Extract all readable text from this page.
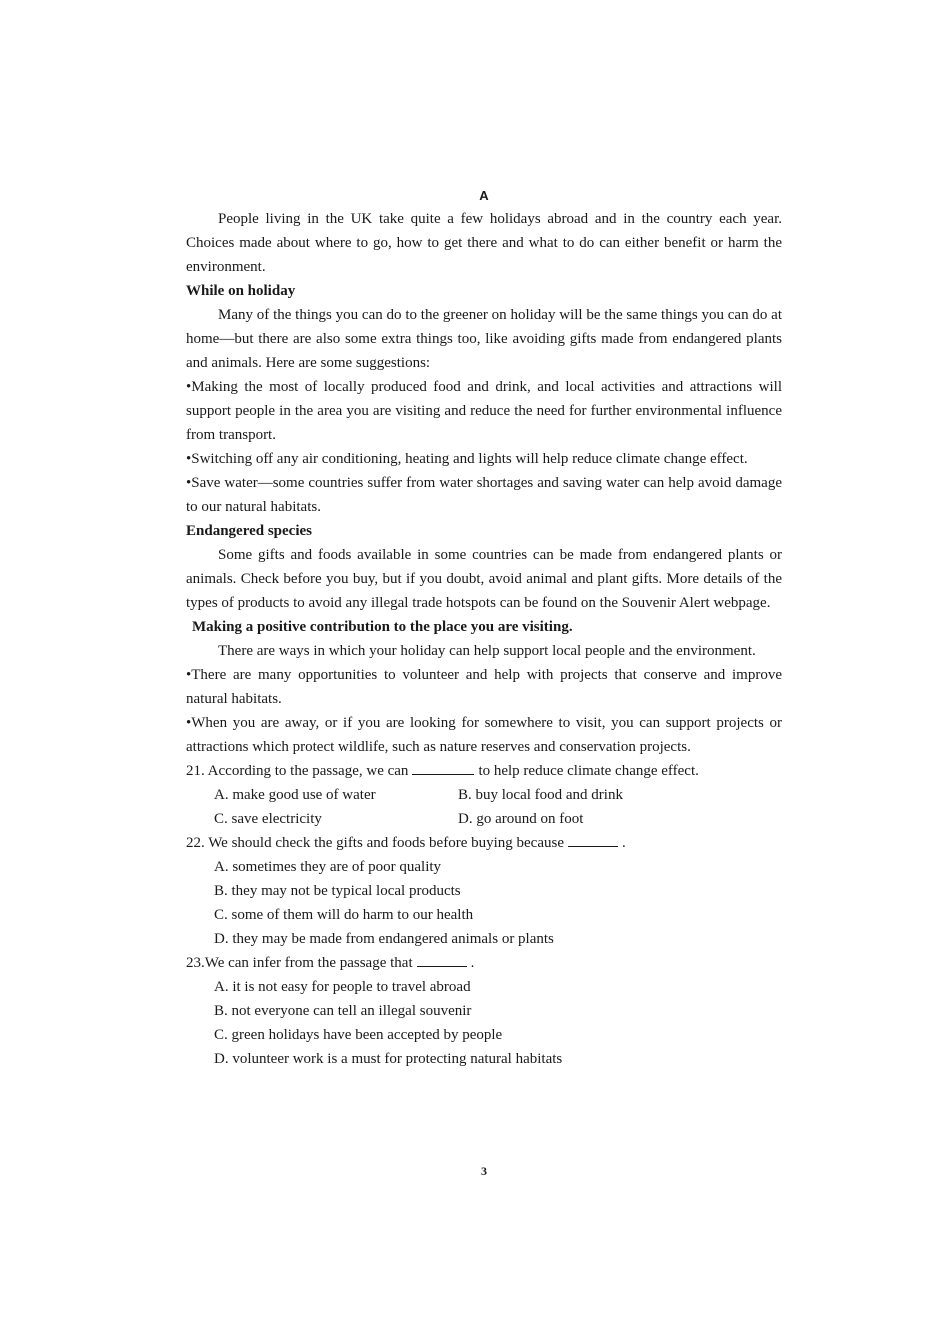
A

People living in the UK take quite a few holidays abroad and in the country each year. Choices made about where to go, how to get there and what to do can either benefit or harm the environment.

While on holiday

Many of the things you can do to the greener on holiday will be the same things you can do at home—but there are also some extra things too, like avoiding gifts made from endangered plants and animals. Here are some suggestions:

•Making the most of locally produced food and drink, and local activities and attractions will support people in the area you are visiting and reduce the need for further environmental influence from transport.

•Switching off any air conditioning, heating and lights will help reduce climate change effect.

•Save water—some countries suffer from water shortages and saving water can help avoid damage to our natural habitats.

Endangered species

Some gifts and foods available in some countries can be made from endangered plants or animals. Check before you buy, but if you doubt, avoid animal and plant gifts. More details of the types of products to avoid any illegal trade hotspots can be found on the Souvenir Alert webpage.

Making a positive contribution to the place you are visiting.

There are ways in which your holiday can help support local people and the environment.

•There are many opportunities to volunteer and help with projects that conserve and improve natural habitats.

•When you are away, or if you are looking for somewhere to visit, you can support projects or attractions which protect wildlife, such as nature reserves and conservation projects.

21. According to the passage, we can	to help reduce climate change effect.
A. make good use of water	B. buy local food and drink
C. save electricity	D. go around on foot
22. We should check the gifts and foods before buying because	.
A. sometimes they are of poor quality
B. they may not be typical local products
C. some of them will do harm to our health
D. they may be made from endangered animals or plants
23.We can infer from the passage that	.
A. it is not easy for people to travel abroad
B. not everyone can tell an illegal souvenir
C. green holidays have been accepted by people
D. volunteer work is a must for protecting natural habitats
3
